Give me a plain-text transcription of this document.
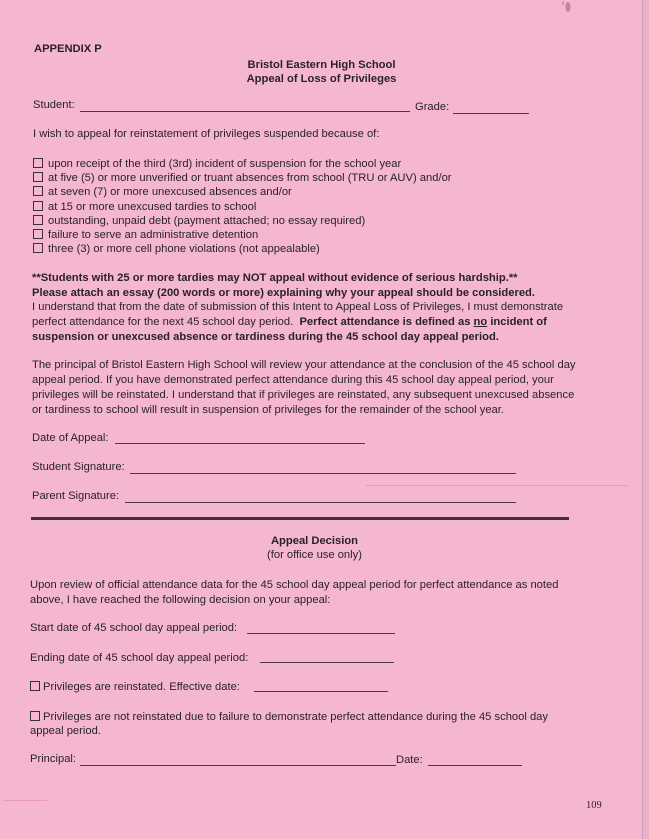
APPENDIX P
Bristol Eastern High School
Appeal of Loss of Privileges
Student:	Grade:
I wish to appeal for reinstatement of privileges suspended because of:
upon receipt of the third (3rd) incident of suspension for the school year
at five (5) or more unverified or truant absences from school (TRU or AUV) and/or
at seven (7) or more unexcused absences and/or
at 15 or more unexcused tardies to school
outstanding, unpaid debt (payment attached; no essay required)
failure to serve an administrative detention
three (3) or more cell phone violations (not appealable)
**Students with 25 or more tardies may NOT appeal without evidence of serious hardship.**
Please attach an essay (200 words or more) explaining why your appeal should be considered.
I understand that from the date of submission of this Intent to Appeal Loss of Privileges, I must demonstrate
perfect attendance for the next 45 school day period. Perfect attendance is defined as no incident of
suspension or unexcused absence or tardiness during the 45 school day appeal period.
The principal of Bristol Eastern High School will review your attendance at the conclusion of the 45 school day
appeal period. If you have demonstrated perfect attendance during this 45 school day appeal period, your
privileges will be reinstated. I understand that if privileges are reinstated, any subsequent unexcused absence
or tardiness to school will result in suspension of privileges for the remainder of the school year.
Date of Appeal:
Student Signature:
Parent Signature:
Appeal Decision
(for office use only)
Upon review of official attendance data for the 45 school day appeal period for perfect attendance as noted
above, I have reached the following decision on your appeal:
Start date of 45 school day appeal period:
Ending date of 45 school day appeal period:
Privileges are reinstated. Effective date:
Privileges are not reinstated due to failure to demonstrate perfect attendance during the 45 school day
appeal period.
Principal:	Date:
109
